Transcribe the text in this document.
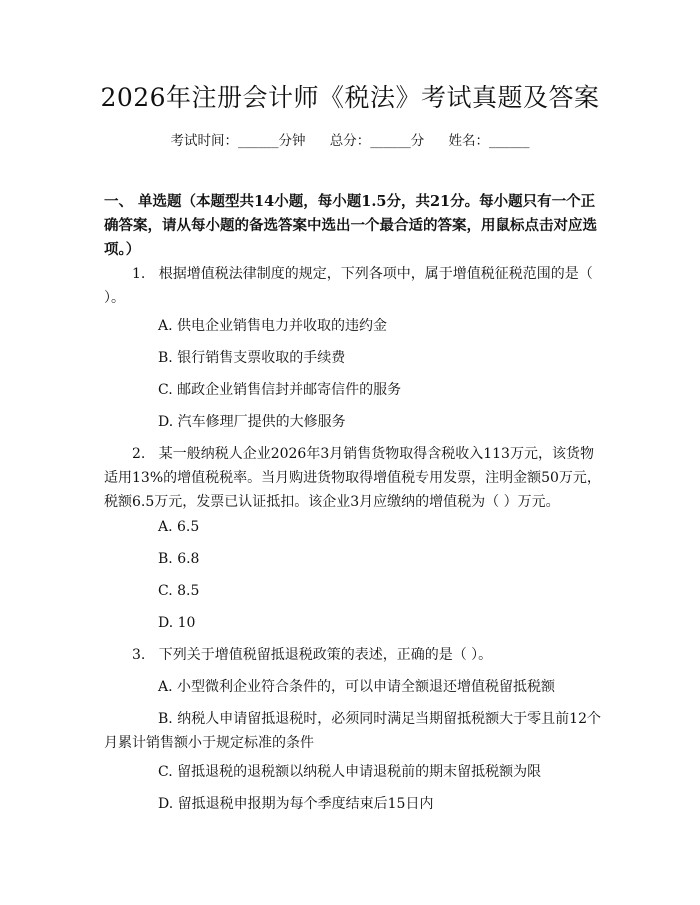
2026年注册会计师《税法》考试真题及答案
考试时间：______分钟 总分：______分 姓名：______
一、 单选题（本题型共14小题，每小题1.5分，共21分。每小题只有一个正确答案，请从每小题的备选答案中选出一个最合适的答案，用鼠标点击对应选项。）
1.   根据增值税法律制度的规定，下列各项中，属于增值税征税范围的是（ ）。
A. 供电企业销售电力并收取的违约金
B. 银行销售支票收取的手续费
C. 邮政企业销售信封并邮寄信件的服务
D. 汽车修理厂提供的大修服务
2.   某一般纳税人企业2026年3月销售货物取得含税收入113万元，该货物适用13%的增值税税率。当月购进货物取得增值税专用发票，注明金额50万元，税额6.5万元，发票已认证抵扣。该企业3月应缴纳的增值税为（ ）万元。
A. 6.5
B. 6.8
C. 8.5
D. 10
3.   下列关于增值税留抵退税政策的表述，正确的是（ ）。
A. 小型微利企业符合条件的，可以申请全额退还增值税留抵税额
B. 纳税人申请留抵退税时，必须同时满足当期留抵税额大于零且前12个月累计销售额小于规定标准的条件
C. 留抵退税的退税额以纳税人申请退税前的期末留抵税额为限
D. 留抵退税申报期为每个季度结束后15日内
